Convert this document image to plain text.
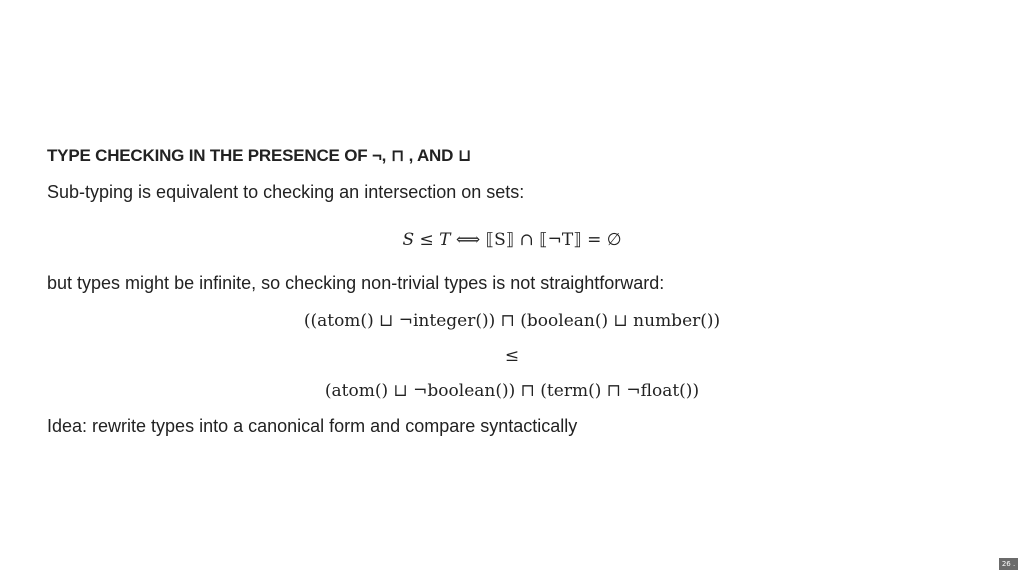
TYPE CHECKING IN THE PRESENCE OF ¬, ⊓ , AND ⊔
Sub-typing is equivalent to checking an intersection on sets:
S ≤ T ⟺ ⟦S⟧ ∩ ⟦¬T⟧ = ∅
but types might be infinite, so checking non-trivial types is not straightforward:
((atom() ⊔ ¬integer()) ⊓ (boolean() ⊔ number())
≤
(atom() ⊔ ¬boolean()) ⊓ (term() ⊓ ¬float())
Idea: rewrite types into a canonical form and compare syntactically
26 . 1
